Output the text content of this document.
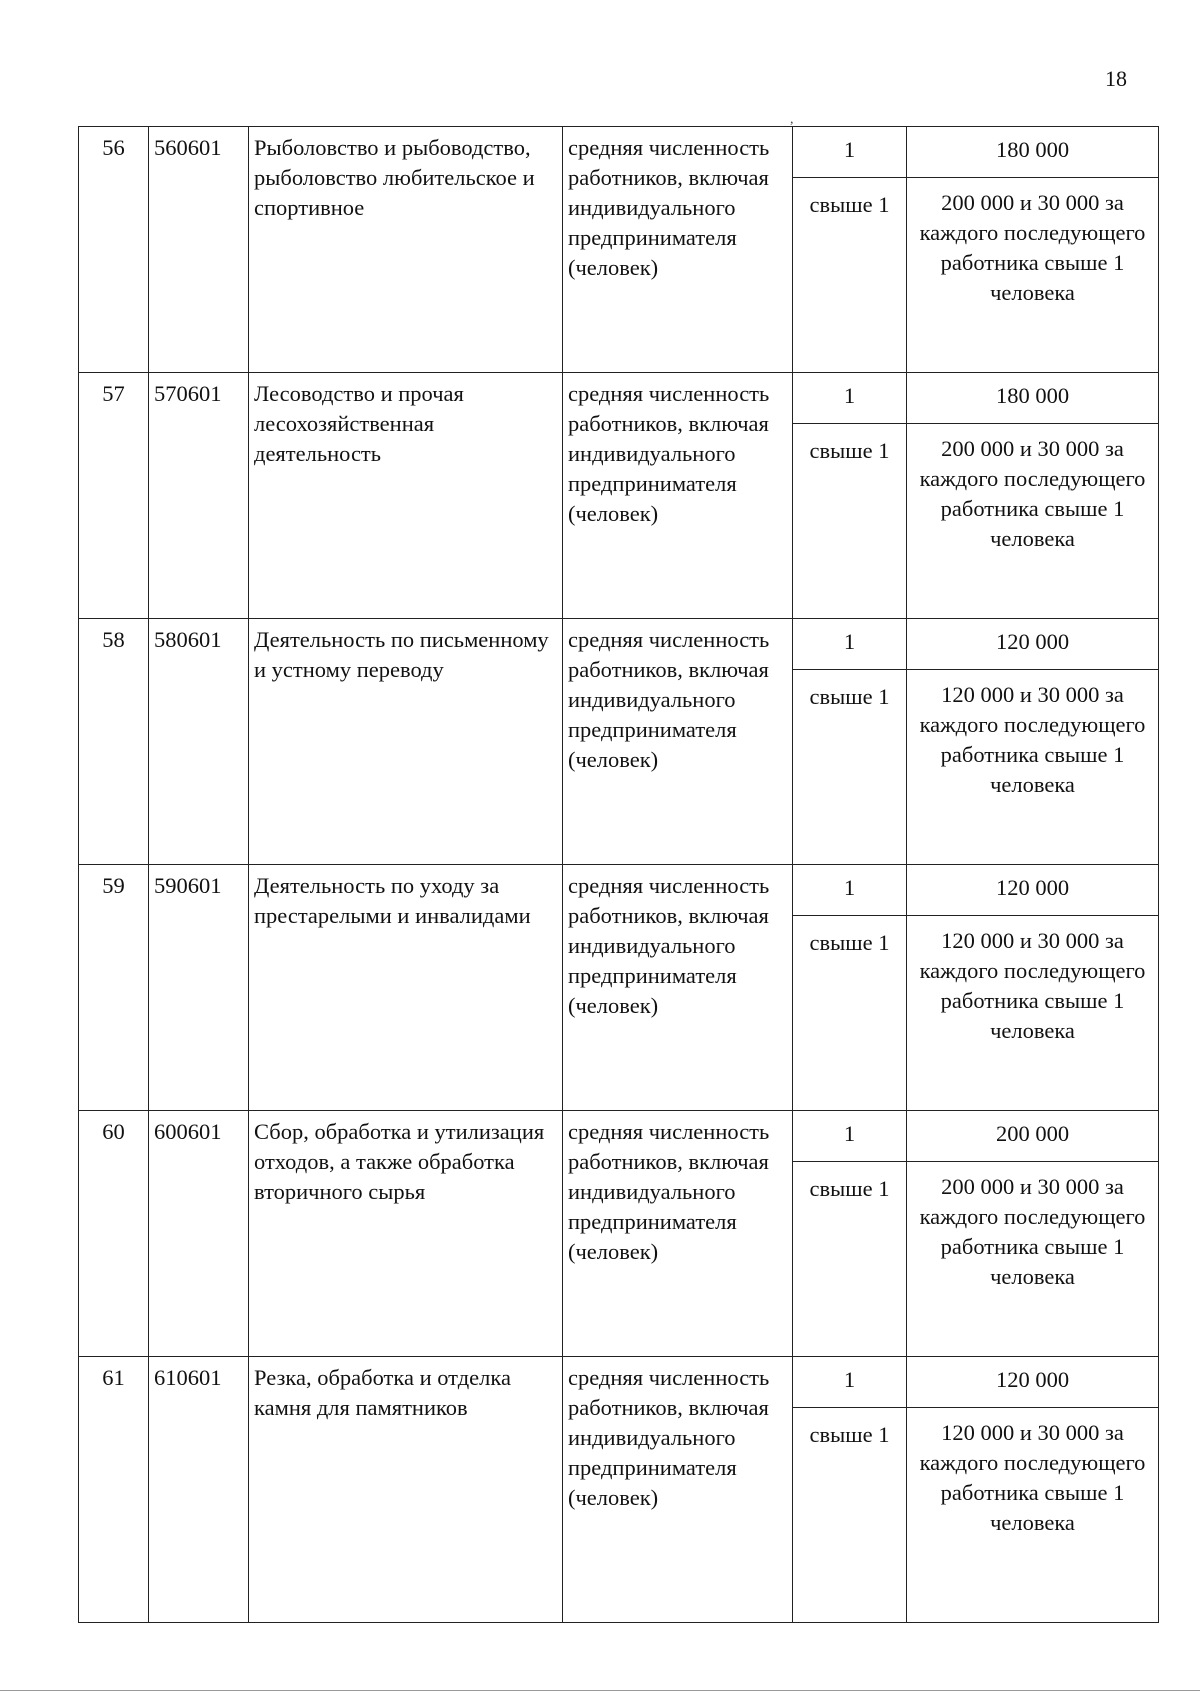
18
56	560601	Рыболовство и рыбоводство, рыболовство любительское и спортивное	средняя численность работников, включая индивидуального предпринимателя (человек)	1	180 000
				свыше 1	200 000 и 30 000 за каждого последующего работника свыше 1 человека
57	570601	Лесоводство и прочая лесохозяйственная деятельность	средняя численность работников, включая индивидуального предпринимателя (человек)	1	180 000
				свыше 1	200 000 и 30 000 за каждого последующего работника свыше 1 человека
58	580601	Деятельность по письменному и устному переводу	средняя численность работников, включая индивидуального предпринимателя (человек)	1	120 000
				свыше 1	120 000 и 30 000 за каждого последующего работника свыше 1 человека
59	590601	Деятельность по уходу за престарелыми и инвалидами	средняя численность работников, включая индивидуального предпринимателя (человек)	1	120 000
				свыше 1	120 000 и 30 000 за каждого последующего работника свыше 1 человека
60	600601	Сбор, обработка и утилизация отходов, а также обработка вторичного сырья	средняя численность работников, включая индивидуального предпринимателя (человек)	1	200 000
				свыше 1	200 000 и 30 000 за каждого последующего работника свыше 1 человека
61	610601	Резка, обработка и отделка камня для памятников	средняя численность работников, включая индивидуального предпринимателя (человек)	1	120 000
				свыше 1	120 000 и 30 000 за каждого последующего работника свыше 1 человека
,
